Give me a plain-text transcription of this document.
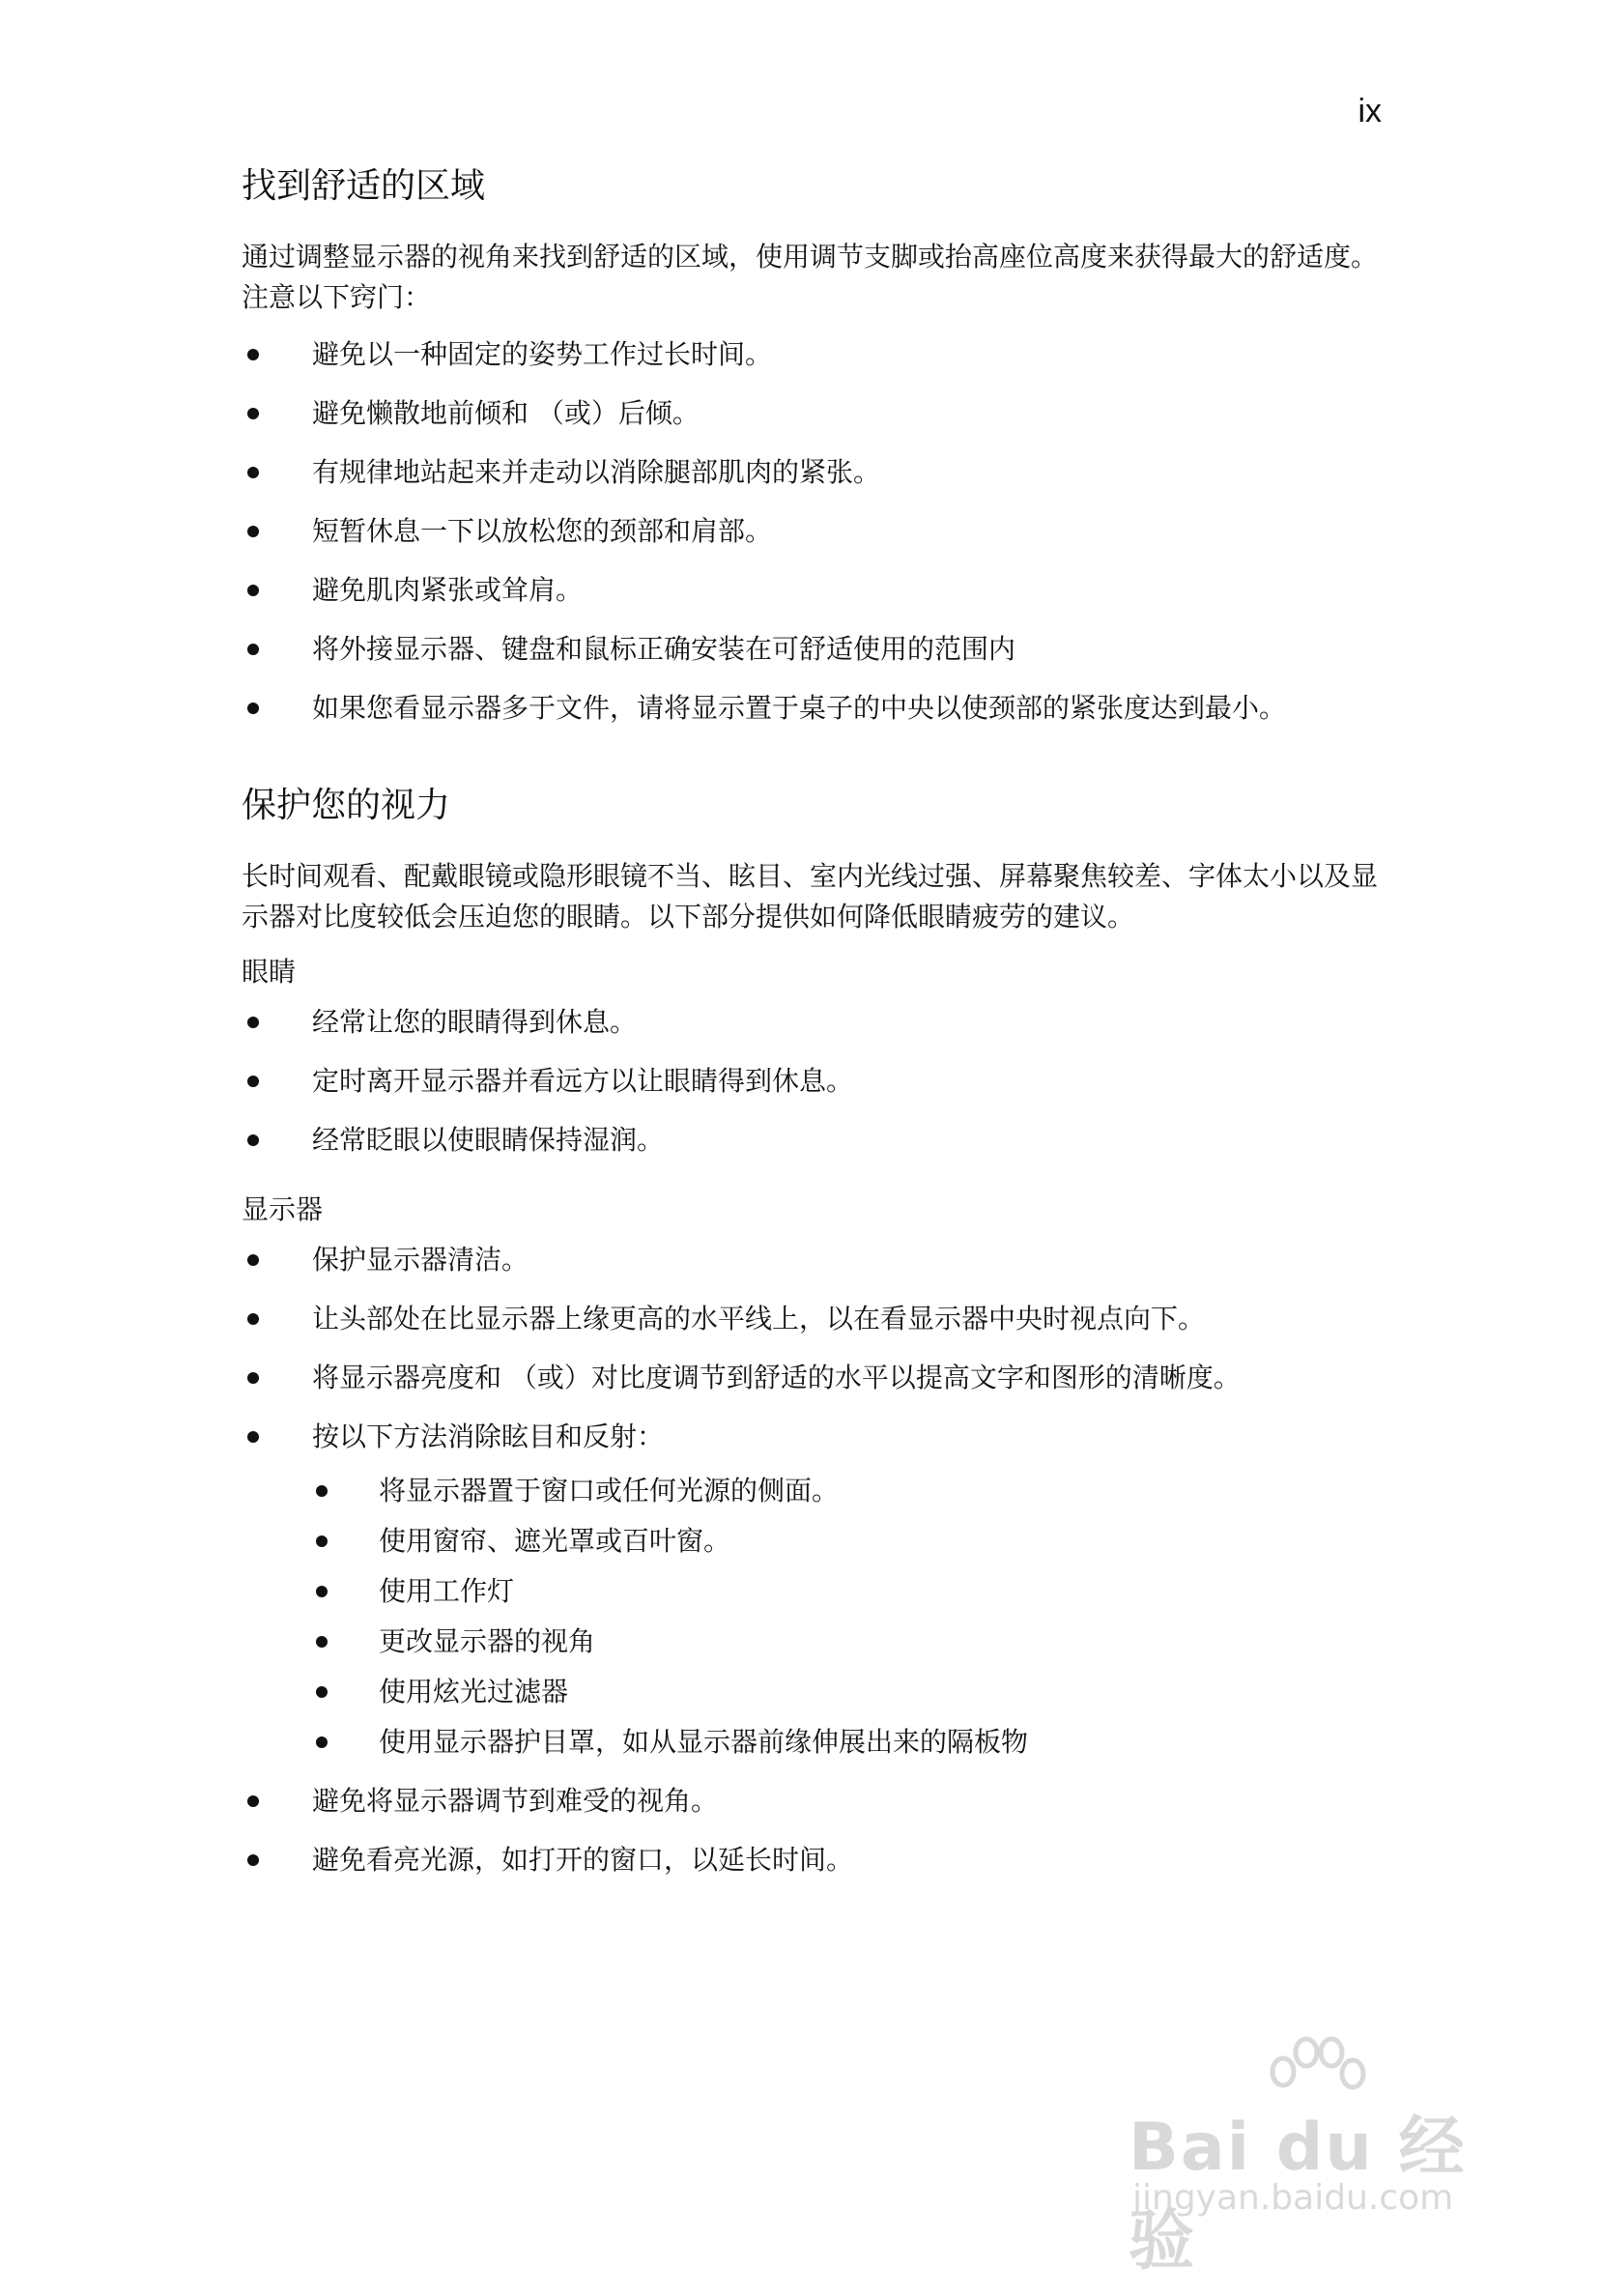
ix
找到舒适的区域

通过调整显示器的视角来找到舒适的区域，使用调节支脚或抬高座位高度来获得最大的舒适度。注意以下窍门：

避免以一种固定的姿势工作过长时间。
避免懒散地前倾和 （或）后倾。
有规律地站起来并走动以消除腿部肌肉的紧张。
短暂休息一下以放松您的颈部和肩部。
避免肌肉紧张或耸肩。
将外接显示器、键盘和鼠标正确安装在可舒适使用的范围内
如果您看显示器多于文件，请将显示置于桌子的中央以使颈部的紧张度达到最小。
保护您的视力

长时间观看、配戴眼镜或隐形眼镜不当、眩目、室内光线过强、屏幕聚焦较差、字体太小以及显示器对比度较低会压迫您的眼睛。以下部分提供如何降低眼睛疲劳的建议。

眼睛
经常让您的眼睛得到休息。
定时离开显示器并看远方以让眼睛得到休息。
经常眨眼以使眼睛保持湿润。
显示器
保护显示器清洁。
让头部处在比显示器上缘更高的水平线上，以在看显示器中央时视点向下。
将显示器亮度和 （或）对比度调节到舒适的水平以提高文字和图形的清晰度。
按以下方法消除眩目和反射：
将显示器置于窗口或任何光源的侧面。
使用窗帘、遮光罩或百叶窗。
使用工作灯
更改显示器的视角
使用炫光过滤器
使用显示器护目罩，如从显示器前缘伸展出来的隔板物
避免将显示器调节到难受的视角。
避免看亮光源，如打开的窗口，以延长时间。
Bai du 经验
jingyan.baidu.com
